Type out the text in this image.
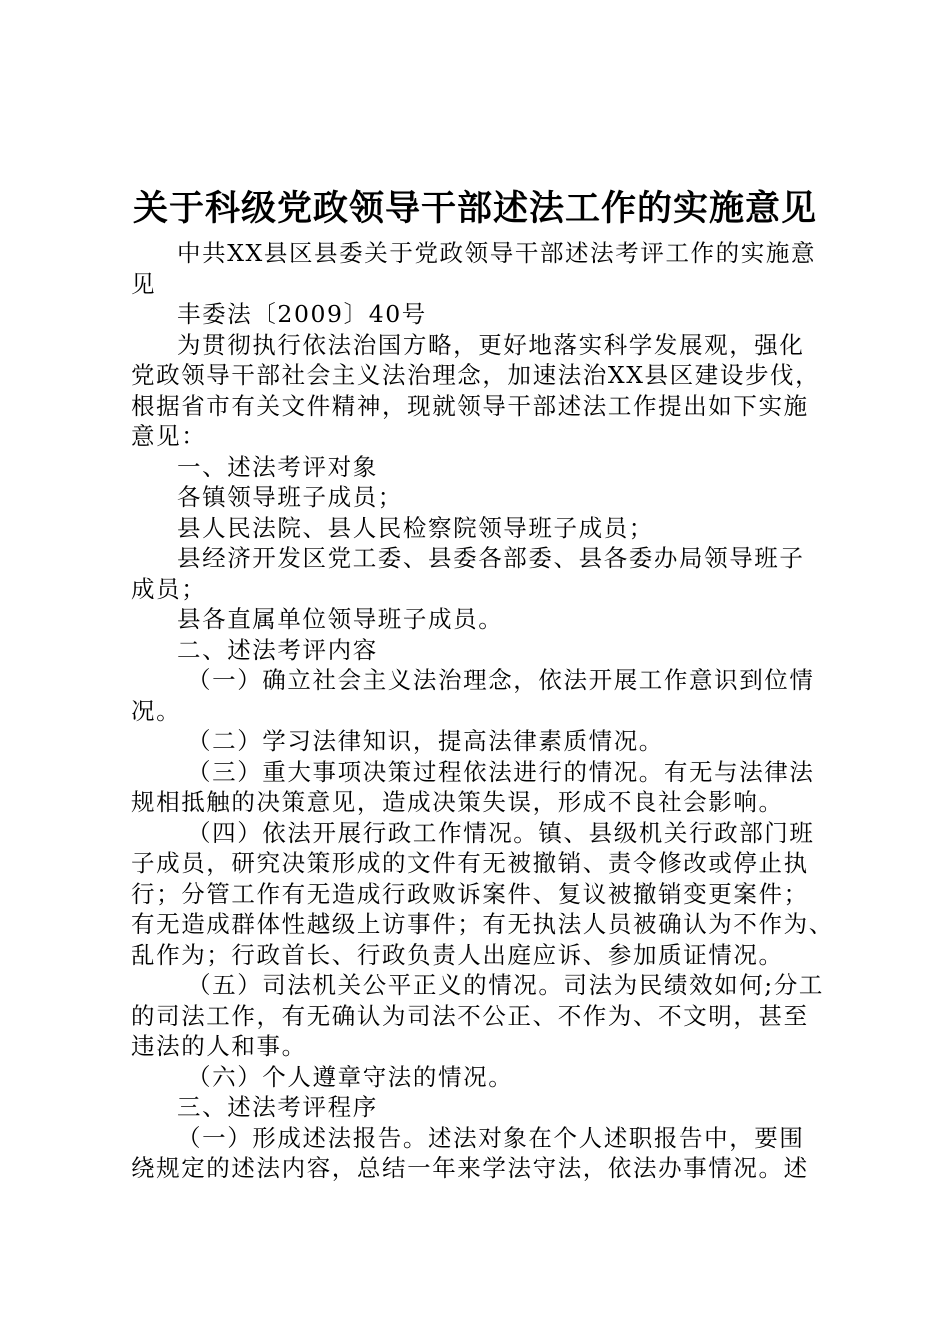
关于科级党政领导干部述法工作的实施意见

中共XX县区县委关于党政领导干部述法考评工作的实施意

见

丰委法〔2009〕40号

为贯彻执行依法治国方略，更好地落实科学发展观，强化

党政领导干部社会主义法治理念，加速法治XX县区建设步伐，

根据省市有关文件精神，现就领导干部述法工作提出如下实施

意见：

一、述法考评对象

各镇领导班子成员；

县人民法院、县人民检察院领导班子成员；

县经济开发区党工委、县委各部委、县各委办局领导班子

成员；

县各直属单位领导班子成员。

二、述法考评内容

（一）确立社会主义法治理念，依法开展工作意识到位情

况。

（二）学习法律知识，提高法律素质情况。

（三）重大事项决策过程依法进行的情况。有无与法律法

规相抵触的决策意见，造成决策失误，形成不良社会影响。

（四）依法开展行政工作情况。镇、县级机关行政部门班

子成员，研究决策形成的文件有无被撤销、责令修改或停止执

行；分管工作有无造成行政败诉案件、复议被撤销变更案件；

有无造成群体性越级上访事件；有无执法人员被确认为不作为、

乱作为；行政首长、行政负责人出庭应诉、参加质证情况。

（五）司法机关公平正义的情况。司法为民绩效如何;分工

的司法工作，有无确认为司法不公正、不作为、不文明，甚至

违法的人和事。

（六）个人遵章守法的情况。

三、述法考评程序

（一）形成述法报告。述法对象在个人述职报告中，要围

绕规定的述法内容，总结一年来学法守法，依法办事情况。述
